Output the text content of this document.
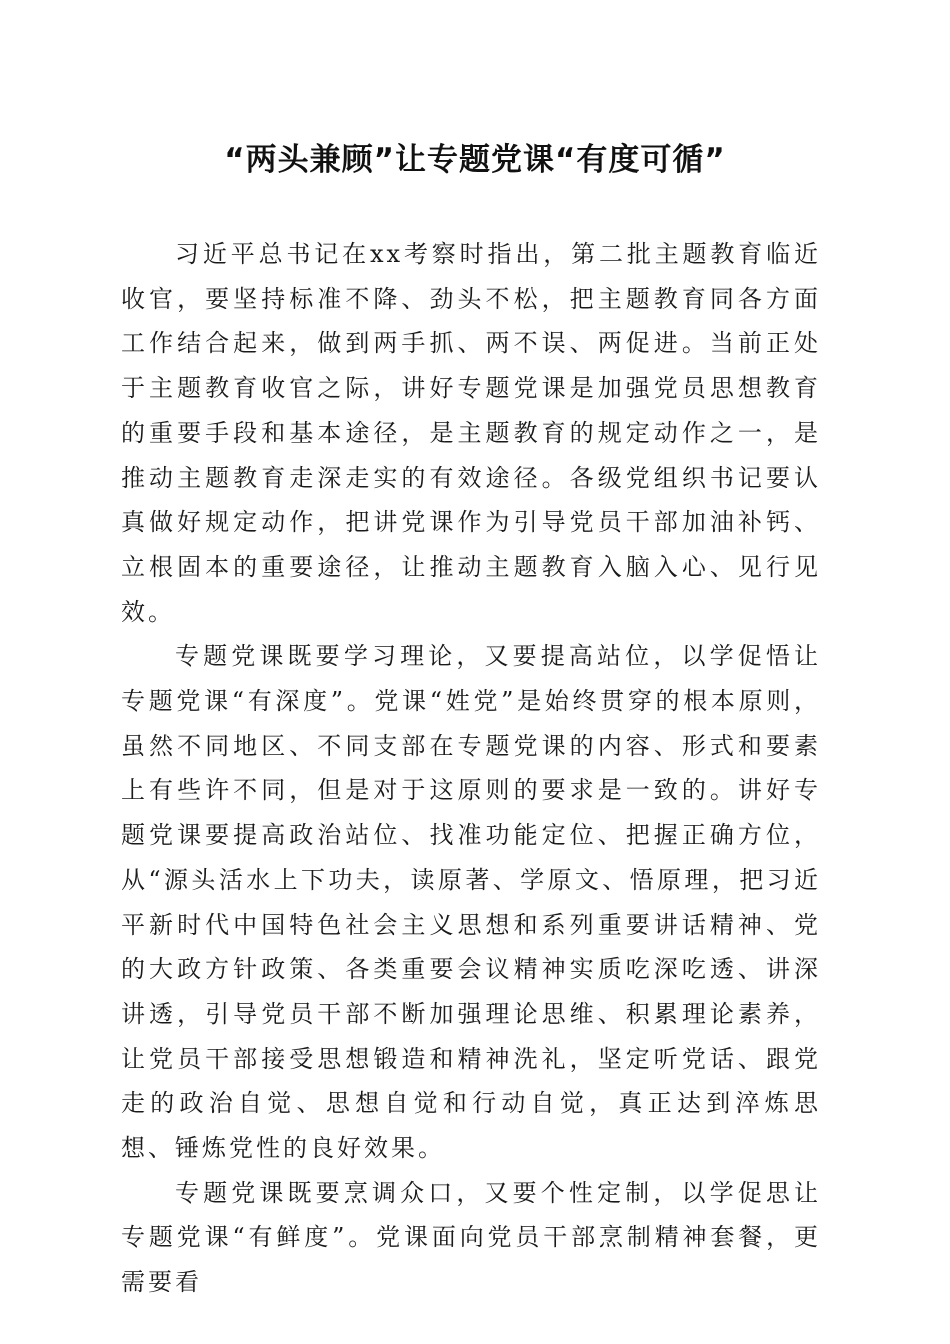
“两头兼顾”让专题党课“有度可循”

习近平总书记在xx考察时指出，第二批主题教育临近收官，要坚持标准不降、劲头不松，把主题教育同各方面工作结合起来，做到两手抓、两不误、两促进。当前正处于主题教育收官之际，讲好专题党课是加强党员思想教育的重要手段和基本途径，是主题教育的规定动作之一，是推动主题教育走深走实的有效途径。各级党组织书记要认真做好规定动作，把讲党课作为引导党员干部加油补钙、立根固本的重要途径，让推动主题教育入脑入心、见行见效。

专题党课既要学习理论，又要提高站位，以学促悟让专题党课“有深度”。党课“姓党”是始终贯穿的根本原则，虽然不同地区、不同支部在专题党课的内容、形式和要素上有些许不同，但是对于这原则的要求是一致的。讲好专题党课要提高政治站位、找准功能定位、把握正确方位，从“源头活水上下功夫，读原著、学原文、悟原理，把习近平新时代中国特色社会主义思想和系列重要讲话精神、党的大政方针政策、各类重要会议精神实质吃深吃透、讲深讲透，引导党员干部不断加强理论思维、积累理论素养，让党员干部接受思想锻造和精神洗礼，坚定听党话、跟党走的政治自觉、思想自觉和行动自觉，真正达到淬炼思想、锤炼党性的良好效果。

专题党课既要烹调众口，又要个性定制，以学促思让专题党课“有鲜度”。党课面向党员干部烹制精神套餐，更需要看
